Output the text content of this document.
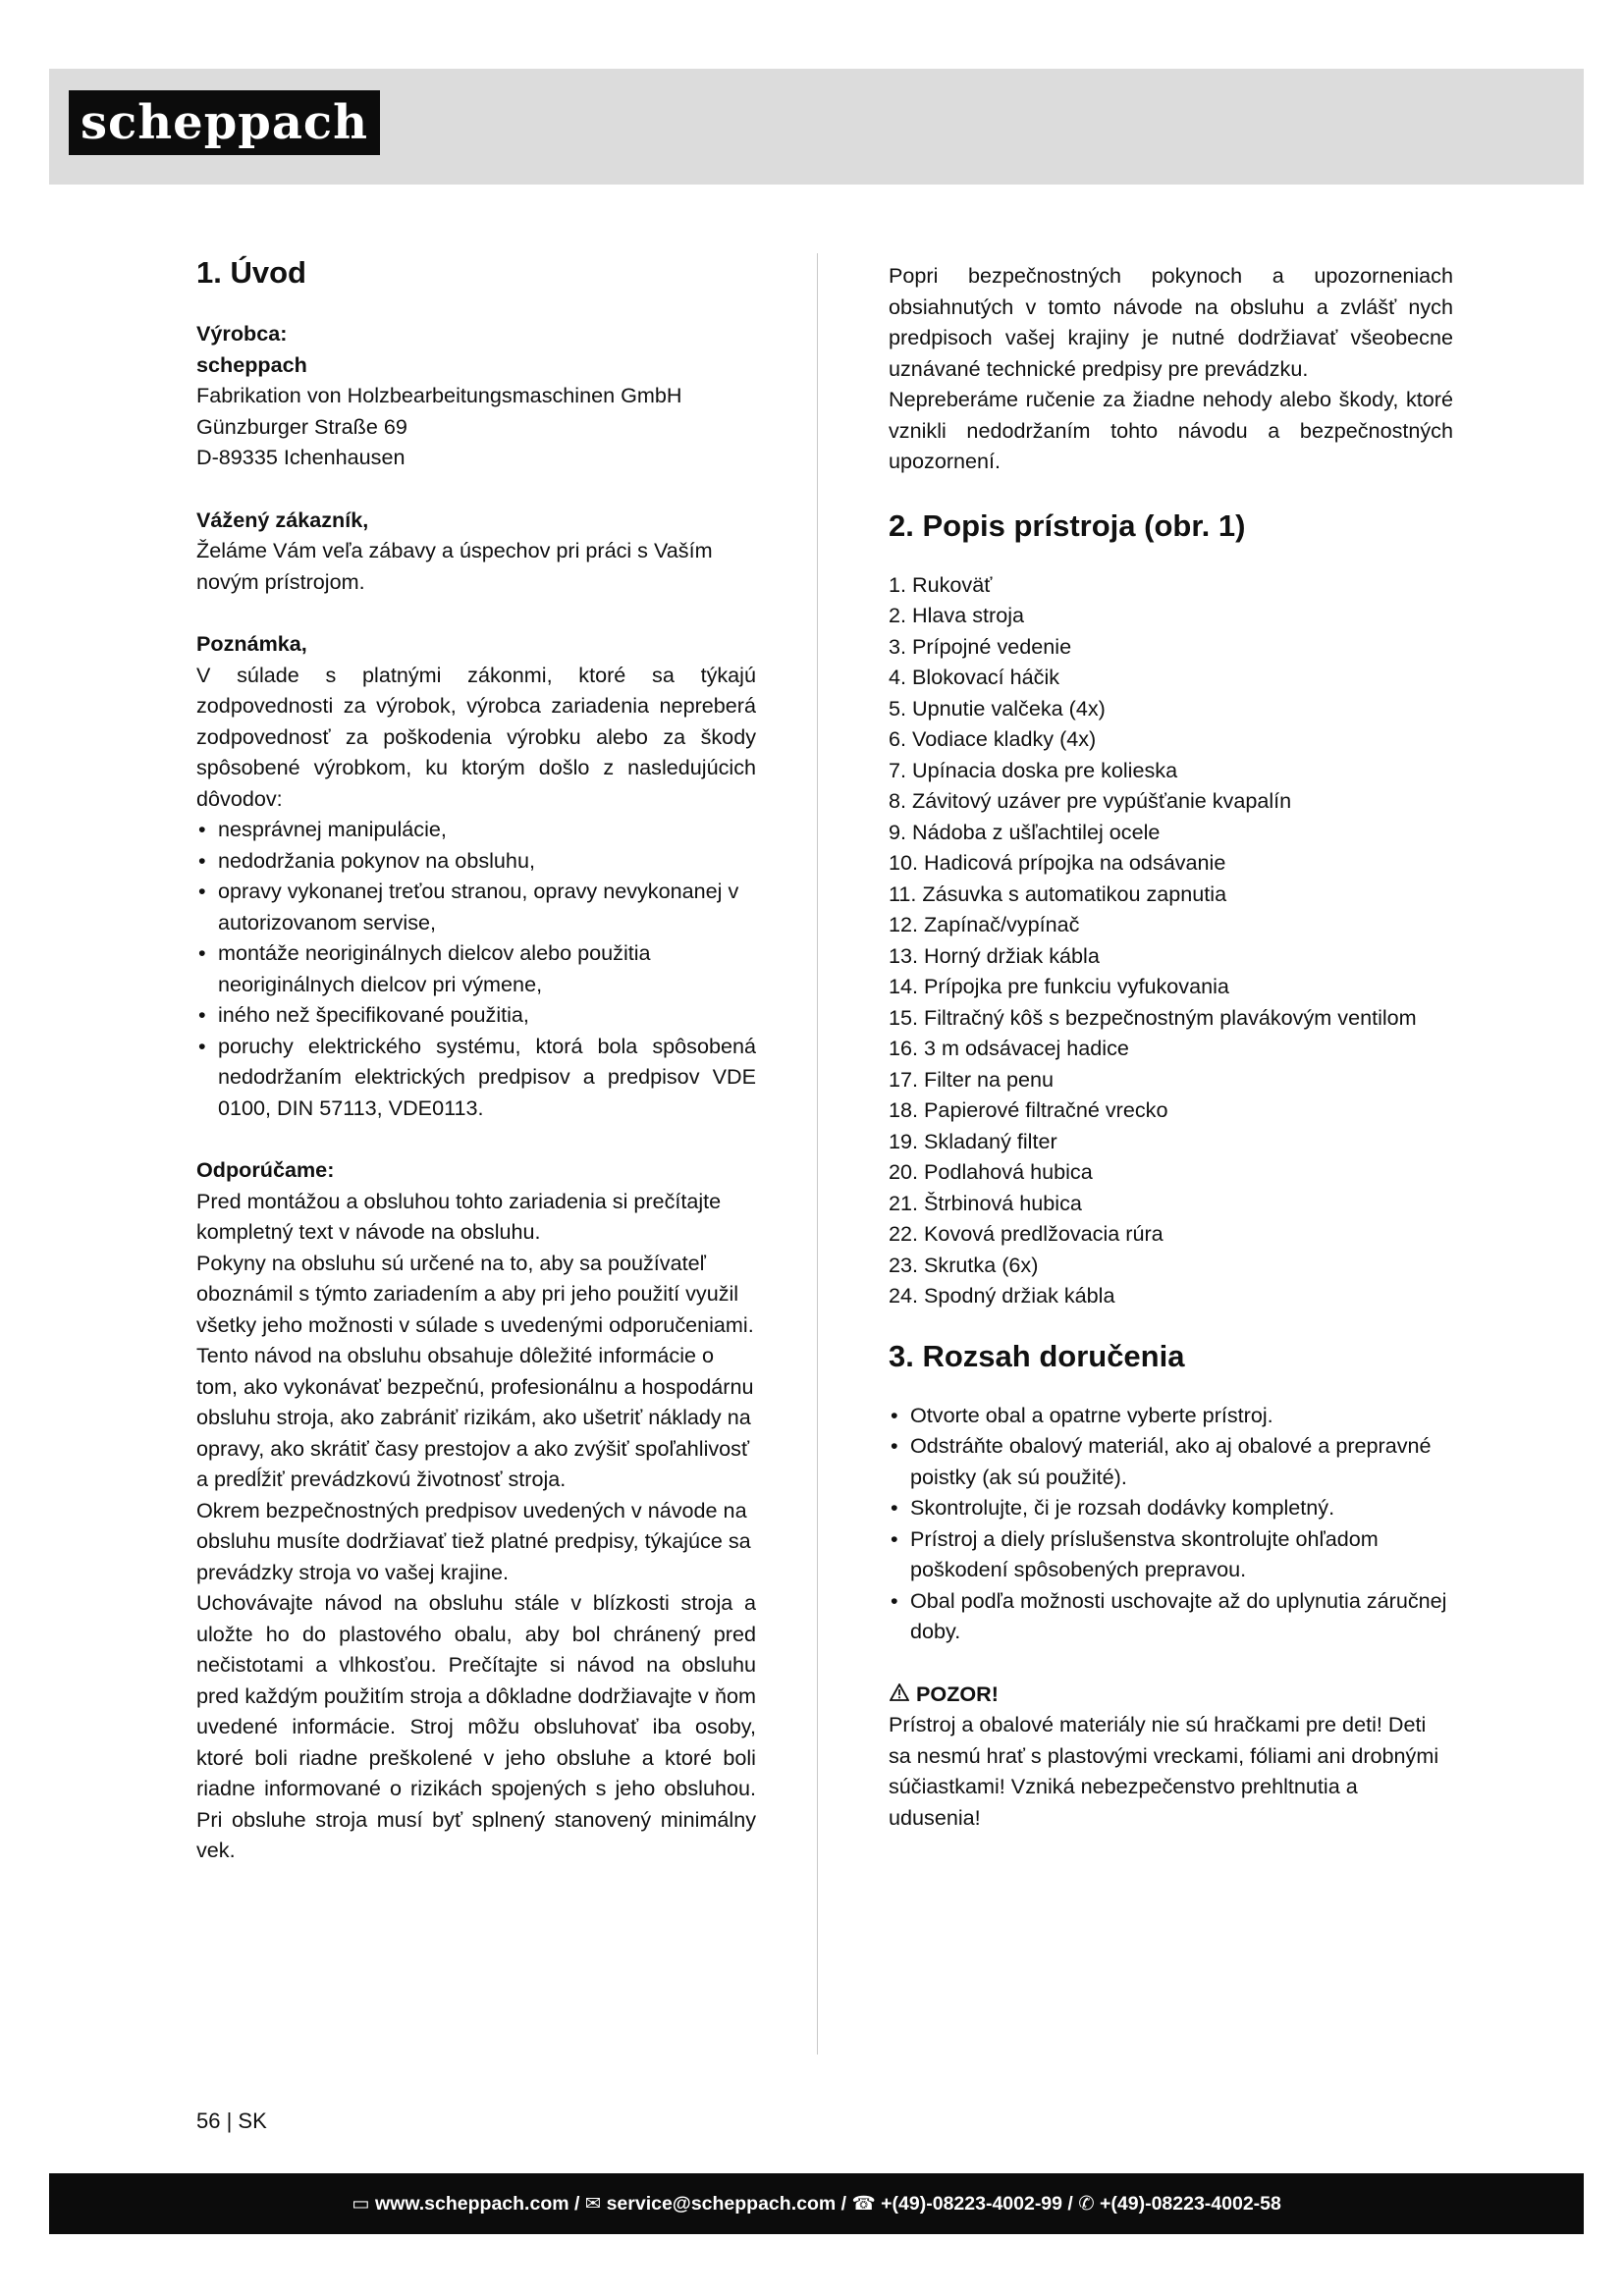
scheppach
1. Úvod

Výrobca:

scheppach

Fabrikation von Holzbearbeitungsmaschinen GmbH

Günzburger Straße 69

D-89335 Ichenhausen

Vážený zákazník,

Želáme Vám veľa zábavy a úspechov pri práci s Vaším novým prístrojom.

Poznámka,

V súlade s platnými zákonmi, ktoré sa týkajú zodpovednosti za výrobok, výrobca zariadenia nepreberá zodpovednosť za poškodenia výrobku alebo za škody spôsobené výrobkom, ku ktorým došlo z nasledujúcich dôvodov:

• nesprávnej manipulácie,
• nedodržania pokynov na obsluhu,
• opravy vykonanej treťou stranou, opravy nevykonanej v autorizovanom servise,
• montáže neoriginálnych dielcov alebo použitia neoriginálnych dielcov pri výmene,
• iného než špecifikované použitia,
• poruchy elektrického systému, ktorá bola spôsobená nedodržaním elektrických predpisov a predpisov VDE 0100, DIN 57113, VDE0113.

Odporúčame:

Pred montážou a obsluhou tohto zariadenia si prečítajte kompletný text v návode na obsluhu.

Pokyny na obsluhu sú určené na to, aby sa používateľ oboznámil s týmto zariadením a aby pri jeho použití využil všetky jeho možnosti v súlade s uvedenými odporučeniami.

Tento návod na obsluhu obsahuje dôležité informácie o tom, ako vykonávať bezpečnú, profesionálnu a hospodárnu obsluhu stroja, ako zabrániť rizikám, ako ušetriť náklady na opravy, ako skrátiť časy prestojov a ako zvýšiť spoľahlivosť a predĺžiť prevádzkovú životnosť stroja.

Okrem bezpečnostných predpisov uvedených v návode na obsluhu musíte dodržiavať tiež platné predpisy, týkajúce sa prevádzky stroja vo vašej krajine.

Uchovávajte návod na obsluhu stále v blízkosti stroja a uložte ho do plastového obalu, aby bol chránený pred nečistotami a vlhkosťou. Prečítajte si návod na obsluhu pred každým použitím stroja a dôkladne dodržiavajte v ňom uvedené informácie. Stroj môžu obsluhovať iba osoby, ktoré boli riadne preškolené v jeho obsluhe a ktoré boli riadne informované o rizikách spojených s jeho obsluhou. Pri obsluhe stroja musí byť splnený stanovený minimálny vek.

Popri bezpečnostných pokynoch a upozorneniach obsiahnutých v tomto návode na obsluhu a zvlášť nych predpisoch vašej krajiny je nutné dodržiavať všeobecne uznávané technické predpisy pre prevádzku.

Nepreberáme ručenie za žiadne nehody alebo škody, ktoré vznikli nedodržaním tohto návodu a bezpečnostných upozornení.

2. Popis prístroja (obr. 1)
1. Rukoväť
2. Hlava stroja
3. Prípojné vedenie
4. Blokovací háčik
5. Upnutie valčeka (4x)
6. Vodiace kladky (4x)
7. Upínacia doska pre kolieska
8. Závitový uzáver pre vypúšťanie kvapalín
9. Nádoba z ušľachtilej ocele
10. Hadicová prípojka na odsávanie
11. Zásuvka s automatikou zapnutia
12. Zapínač/vypínač
13. Horný držiak kábla
14. Prípojka pre funkciu vyfukovania
15. Filtračný kôš s bezpečnostným plavákovým ventilom
16. 3 m odsávacej hadice
17. Filter na penu
18. Papierové filtračné vrecko
19. Skladaný filter
20. Podlahová hubica
21. Štrbinová hubica
22. Kovová predlžovacia rúra
23. Skrutka (6x)
24. Spodný držiak kábla
3. Rozsah doručenia
• Otvorte obal a opatrne vyberte prístroj.
• Odstráňte obalový materiál, ako aj obalové a prepravné poistky (ak sú použité).
• Skontrolujte, či je rozsah dodávky kompletný.
• Prístroj a diely príslušenstva skontrolujte ohľadom poškodení spôsobených prepravou.
• Obal podľa možnosti uschovajte až do uplynutia záručnej doby.

POZOR!

Prístroj a obalové materiály nie sú hračkami pre deti! Deti sa nesmú hrať s plastovými vreckami, fóliami ani drobnými súčiastkami! Vzniká nebezpečenstvo prehltnutia a udusenia!

56 | SK
▭ www.scheppach.com / ✉ service@scheppach.com / ☎ +(49)-08223-4002-99 / ✆ +(49)-08223-4002-58
